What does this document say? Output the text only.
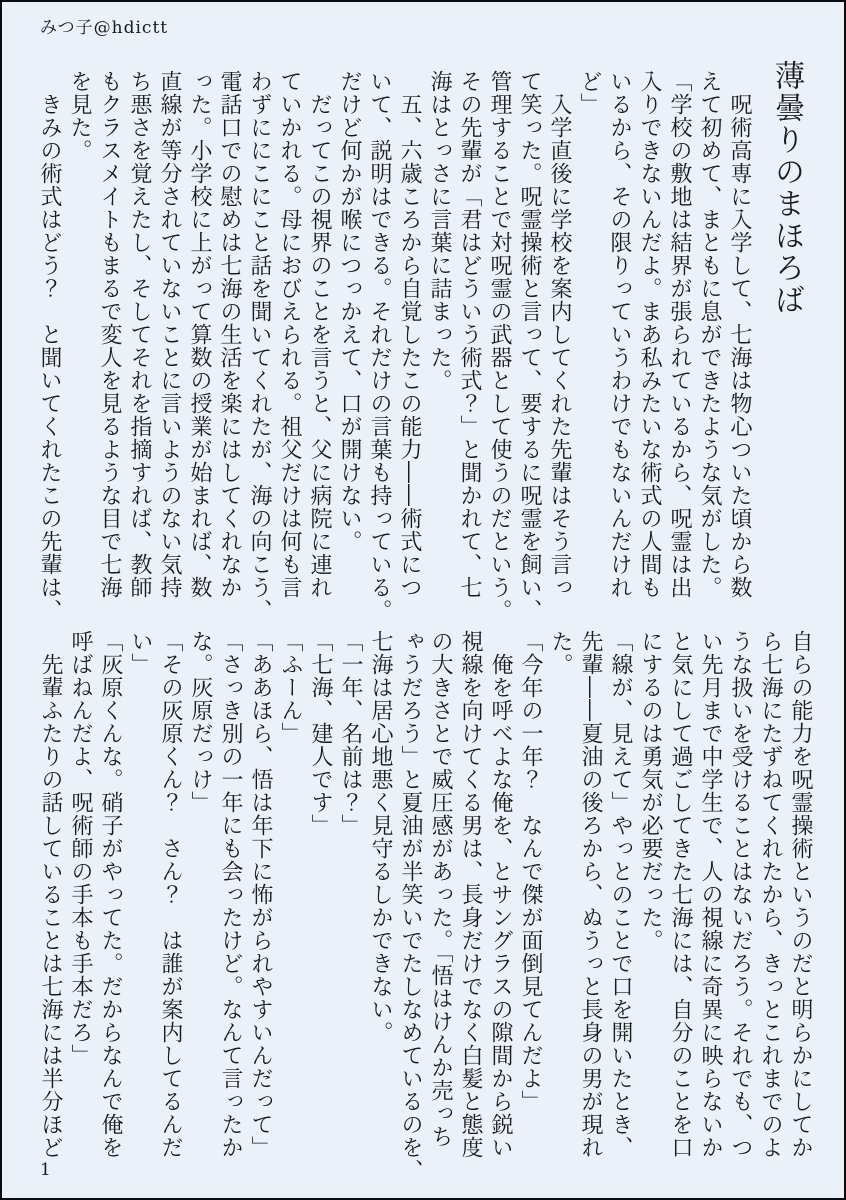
みつ子@hdictt
薄曇りのまほろば
　呪術高専に入学して、七海は物心ついた頃から数
えて初めて、まともに息ができたような気がした。
「学校の敷地は結界が張られているから、呪霊は出
入りできないんだよ。まあ私みたいな術式の人間も
いるから、その限りっていうわけでもないんだけれ
ど」
　入学直後に学校を案内してくれた先輩はそう言っ
て笑った。呪霊操術と言って、要するに呪霊を飼い、
管理することで対呪霊の武器として使うのだという。
その先輩が「君はどういう術式？」と聞かれて、七
海はとっさに言葉に詰まった。
　五、六歳ころから自覚したこの能力――術式につ
いて、説明はできる。それだけの言葉も持っている。
だけど何かが喉につっかえて、口が開けない。
　だってこの視界のことを言うと、父に病院に連れ
ていかれる。母におびえられる。祖父だけは何も言
わずににこにこと話を聞いてくれたが、海の向こう、
電話口での慰めは七海の生活を楽にはしてくれなか
った。小学校に上がって算数の授業が始まれば、数
直線が等分されていないことに言いようのない気持
ち悪さを覚えたし、そしてそれを指摘すれば、教師
もクラスメイトもまるで変人を見るような目で七海
を見た。
　きみの術式はどう？　と聞いてくれたこの先輩は、
自らの能力を呪霊操術というのだと明らかにしてか
ら七海にたずねてくれたから、きっとこれまでのよ
うな扱いを受けることはないだろう。それでも、つ
い先月まで中学生で、人の視線に奇異に映らないか
と気にして過ごしてきた七海には、自分のことを口
にするのは勇気が必要だった。
「線が、見えて」やっとのことで口を開いたとき、
先輩――夏油の後ろから、ぬうっと長身の男が現れ
た。
「今年の一年？　なんで傑が面倒見てんだよ」
　俺を呼べよな俺を、とサングラスの隙間から鋭い
視線を向けてくる男は、長身だけでなく白髪と態度
の大きさとで威圧感があった。「悟はけんか売っち
ゃうだろう」と夏油が半笑いでたしなめているのを、
七海は居心地悪く見守るしかできない。
「一年、名前は？」
「七海、建人です」
「ふーん」
「ああほら、悟は年下に怖がられやすいんだって」
「さっき別の一年にも会ったけど。なんて言ったか
な。灰原だっけ」
「その灰原くん？　さん？　は誰が案内してるんだ
い」
「灰原くんな。硝子がやってた。だからなんで俺を
呼ばねんだよ、呪術師の手本も手本だろ」
　先輩ふたりの話していることは七海には半分ほど
1
